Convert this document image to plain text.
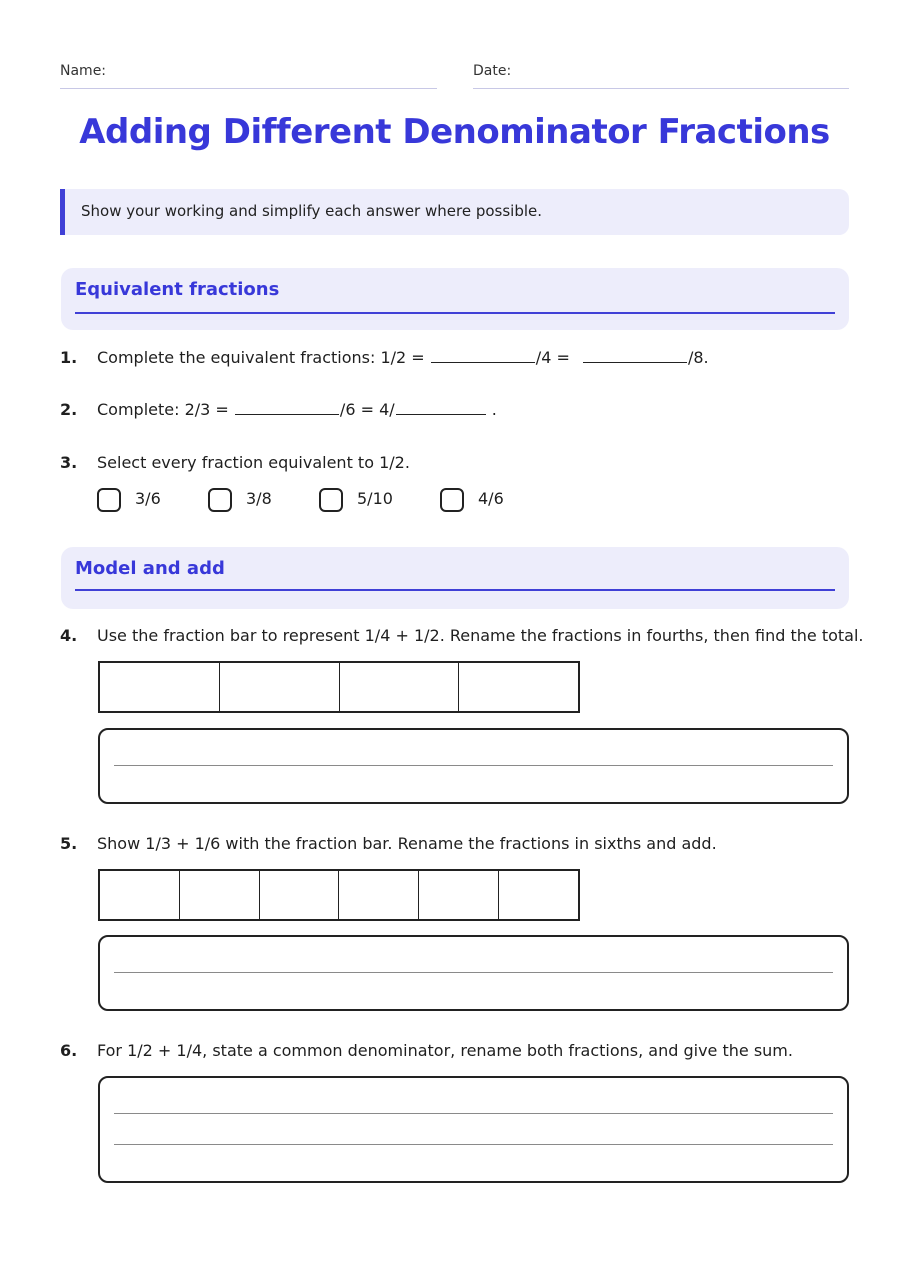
Name:	Date:
Adding Different Denominator Fractions
Show your working and simplify each answer where possible.
Equivalent fractions
1. Complete the equivalent fractions: 1/2 =	/4 =	/8.
2. Complete: 2/3 =	/6 = 4/	.
3. Select every fraction equivalent to 1/2.
3/6	3/8	5/10	4/6
Model and add
4. Use the fraction bar to represent 1/4 + 1/2. Rename the fractions in fourths, then find the total.
5. Show 1/3 + 1/6 with the fraction bar. Rename the fractions in sixths and add.
6. For 1/2 + 1/4, state a common denominator, rename both fractions, and give the sum.
